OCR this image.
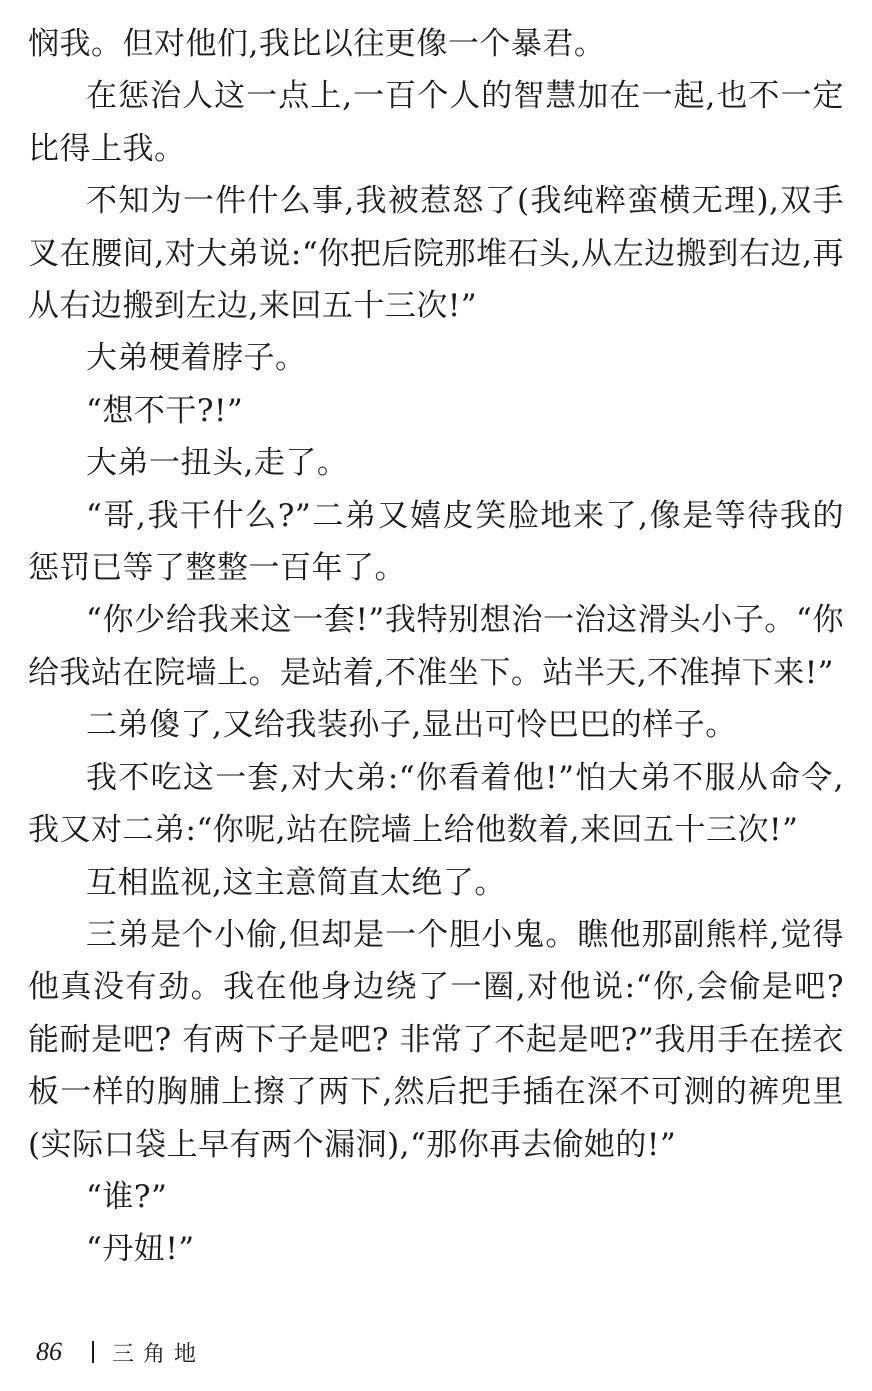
悯我。但对他们,我比以往更像一个暴君。

在惩治人这一点上,一百个人的智慧加在一起,也不一定比得上我。

不知为一件什么事,我被惹怒了(我纯粹蛮横无理),双手叉在腰间,对大弟说:“你把后院那堆石头,从左边搬到右边,再从右边搬到左边,来回五十三次!”

大弟梗着脖子。

“想不干?!”

大弟一扭头,走了。

“哥,我干什么?”二弟又嬉皮笑脸地来了,像是等待我的惩罚已等了整整一百年了。

“你少给我来这一套!”我特别想治一治这滑头小子。“你给我站在院墙上。是站着,不准坐下。站半天,不准掉下来!”

二弟傻了,又给我装孙子,显出可怜巴巴的样子。

我不吃这一套,对大弟:“你看着他!”怕大弟不服从命令,我又对二弟:“你呢,站在院墙上给他数着,来回五十三次!”

互相监视,这主意简直太绝了。

三弟是个小偷,但却是一个胆小鬼。瞧他那副熊样,觉得他真没有劲。我在他身边绕了一圈,对他说:“你,会偷是吧? 能耐是吧? 有两下子是吧? 非常了不起是吧?”我用手在搓衣板一样的胸脯上擦了两下,然后把手插在深不可测的裤兜里(实际口袋上早有两个漏洞),“那你再去偷她的!”

“谁?”

“丹妞!”

86 三角地
